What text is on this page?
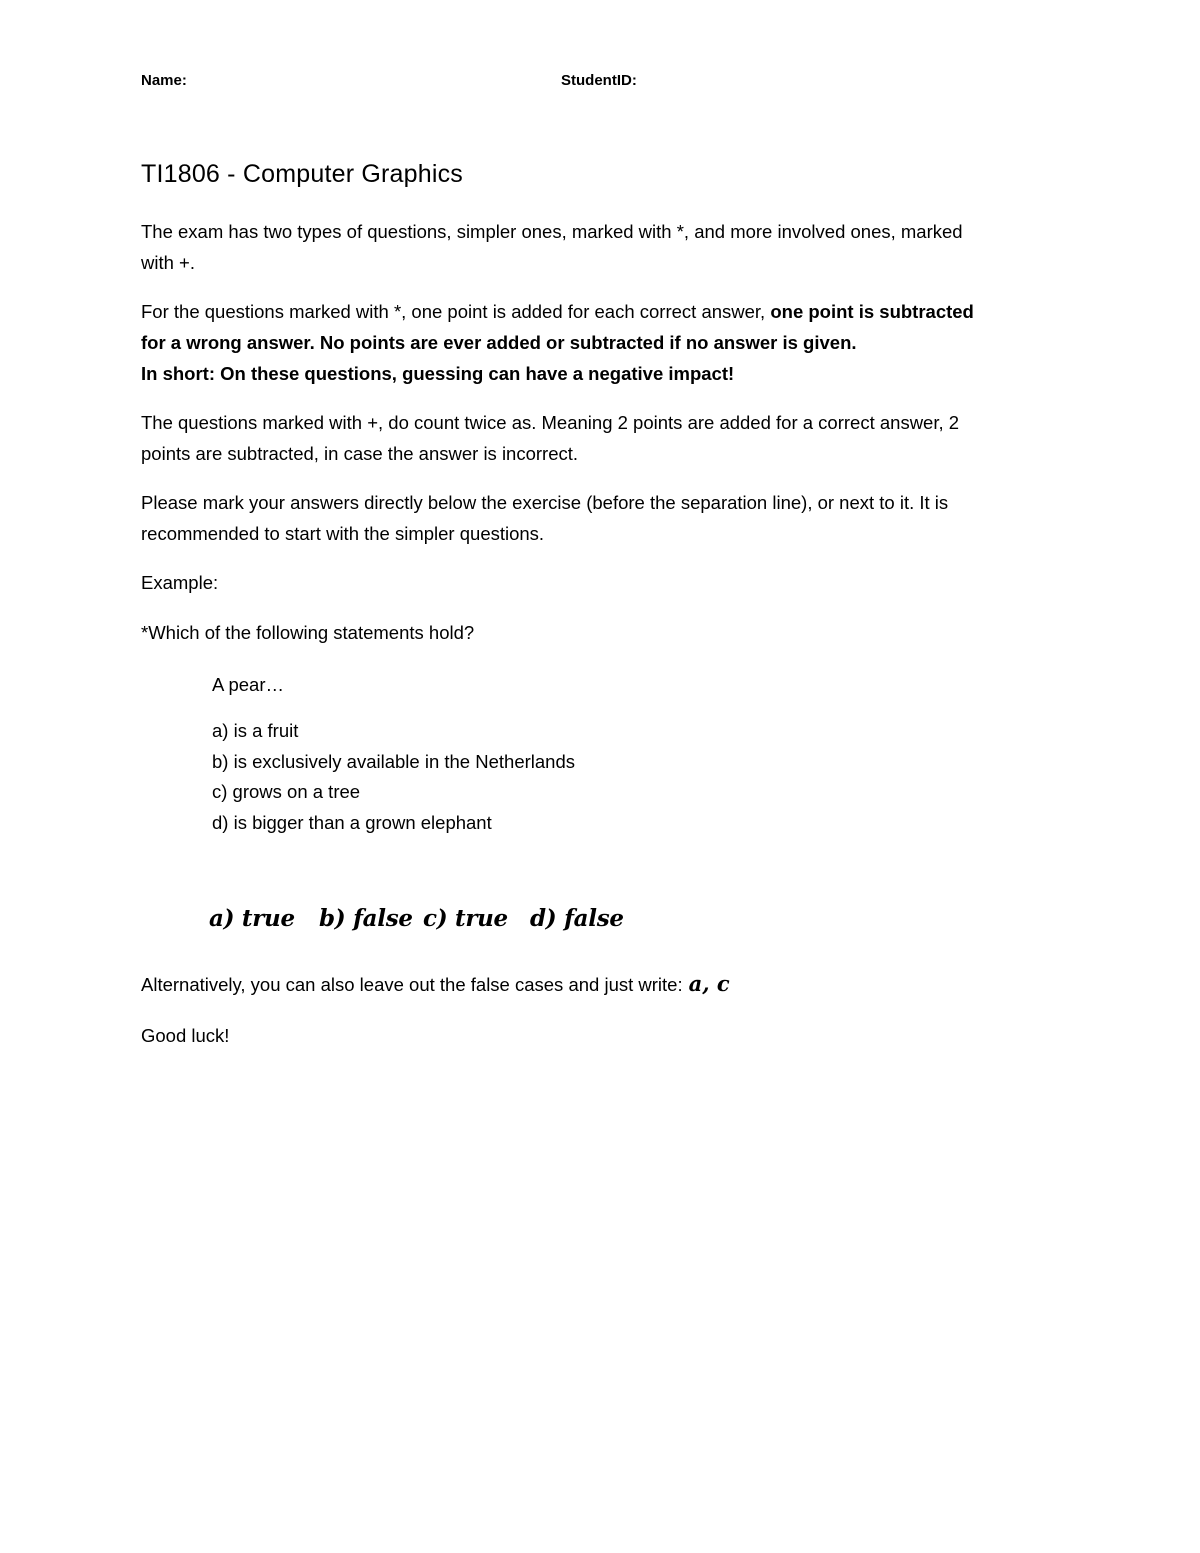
Name:	StudentID:
TI1806 - Computer Graphics

The exam has two types of questions, simpler ones, marked with *, and more involved ones, marked
with +.

For the questions marked with *, one point is added for each correct answer, one point is subtracted
for a wrong answer. No points are ever added or subtracted if no answer is given.
In short: On these questions, guessing can have a negative impact!

The questions marked with +, do count twice as. Meaning 2 points are added for a correct answer, 2
points are subtracted, in case the answer is incorrect.

Please mark your answers directly below the exercise (before the separation line), or next to it. It is
recommended to start with the simpler questions.

Example:

*Which of the following statements hold?

A pear…

a) is a fruit
b) is exclusively available in the Netherlands
c) grows on a tree
d) is bigger than a grown elephant
a) true b) false c) true d) false

Alternatively, you can also leave out the false cases and just write: a, c

Good luck!
